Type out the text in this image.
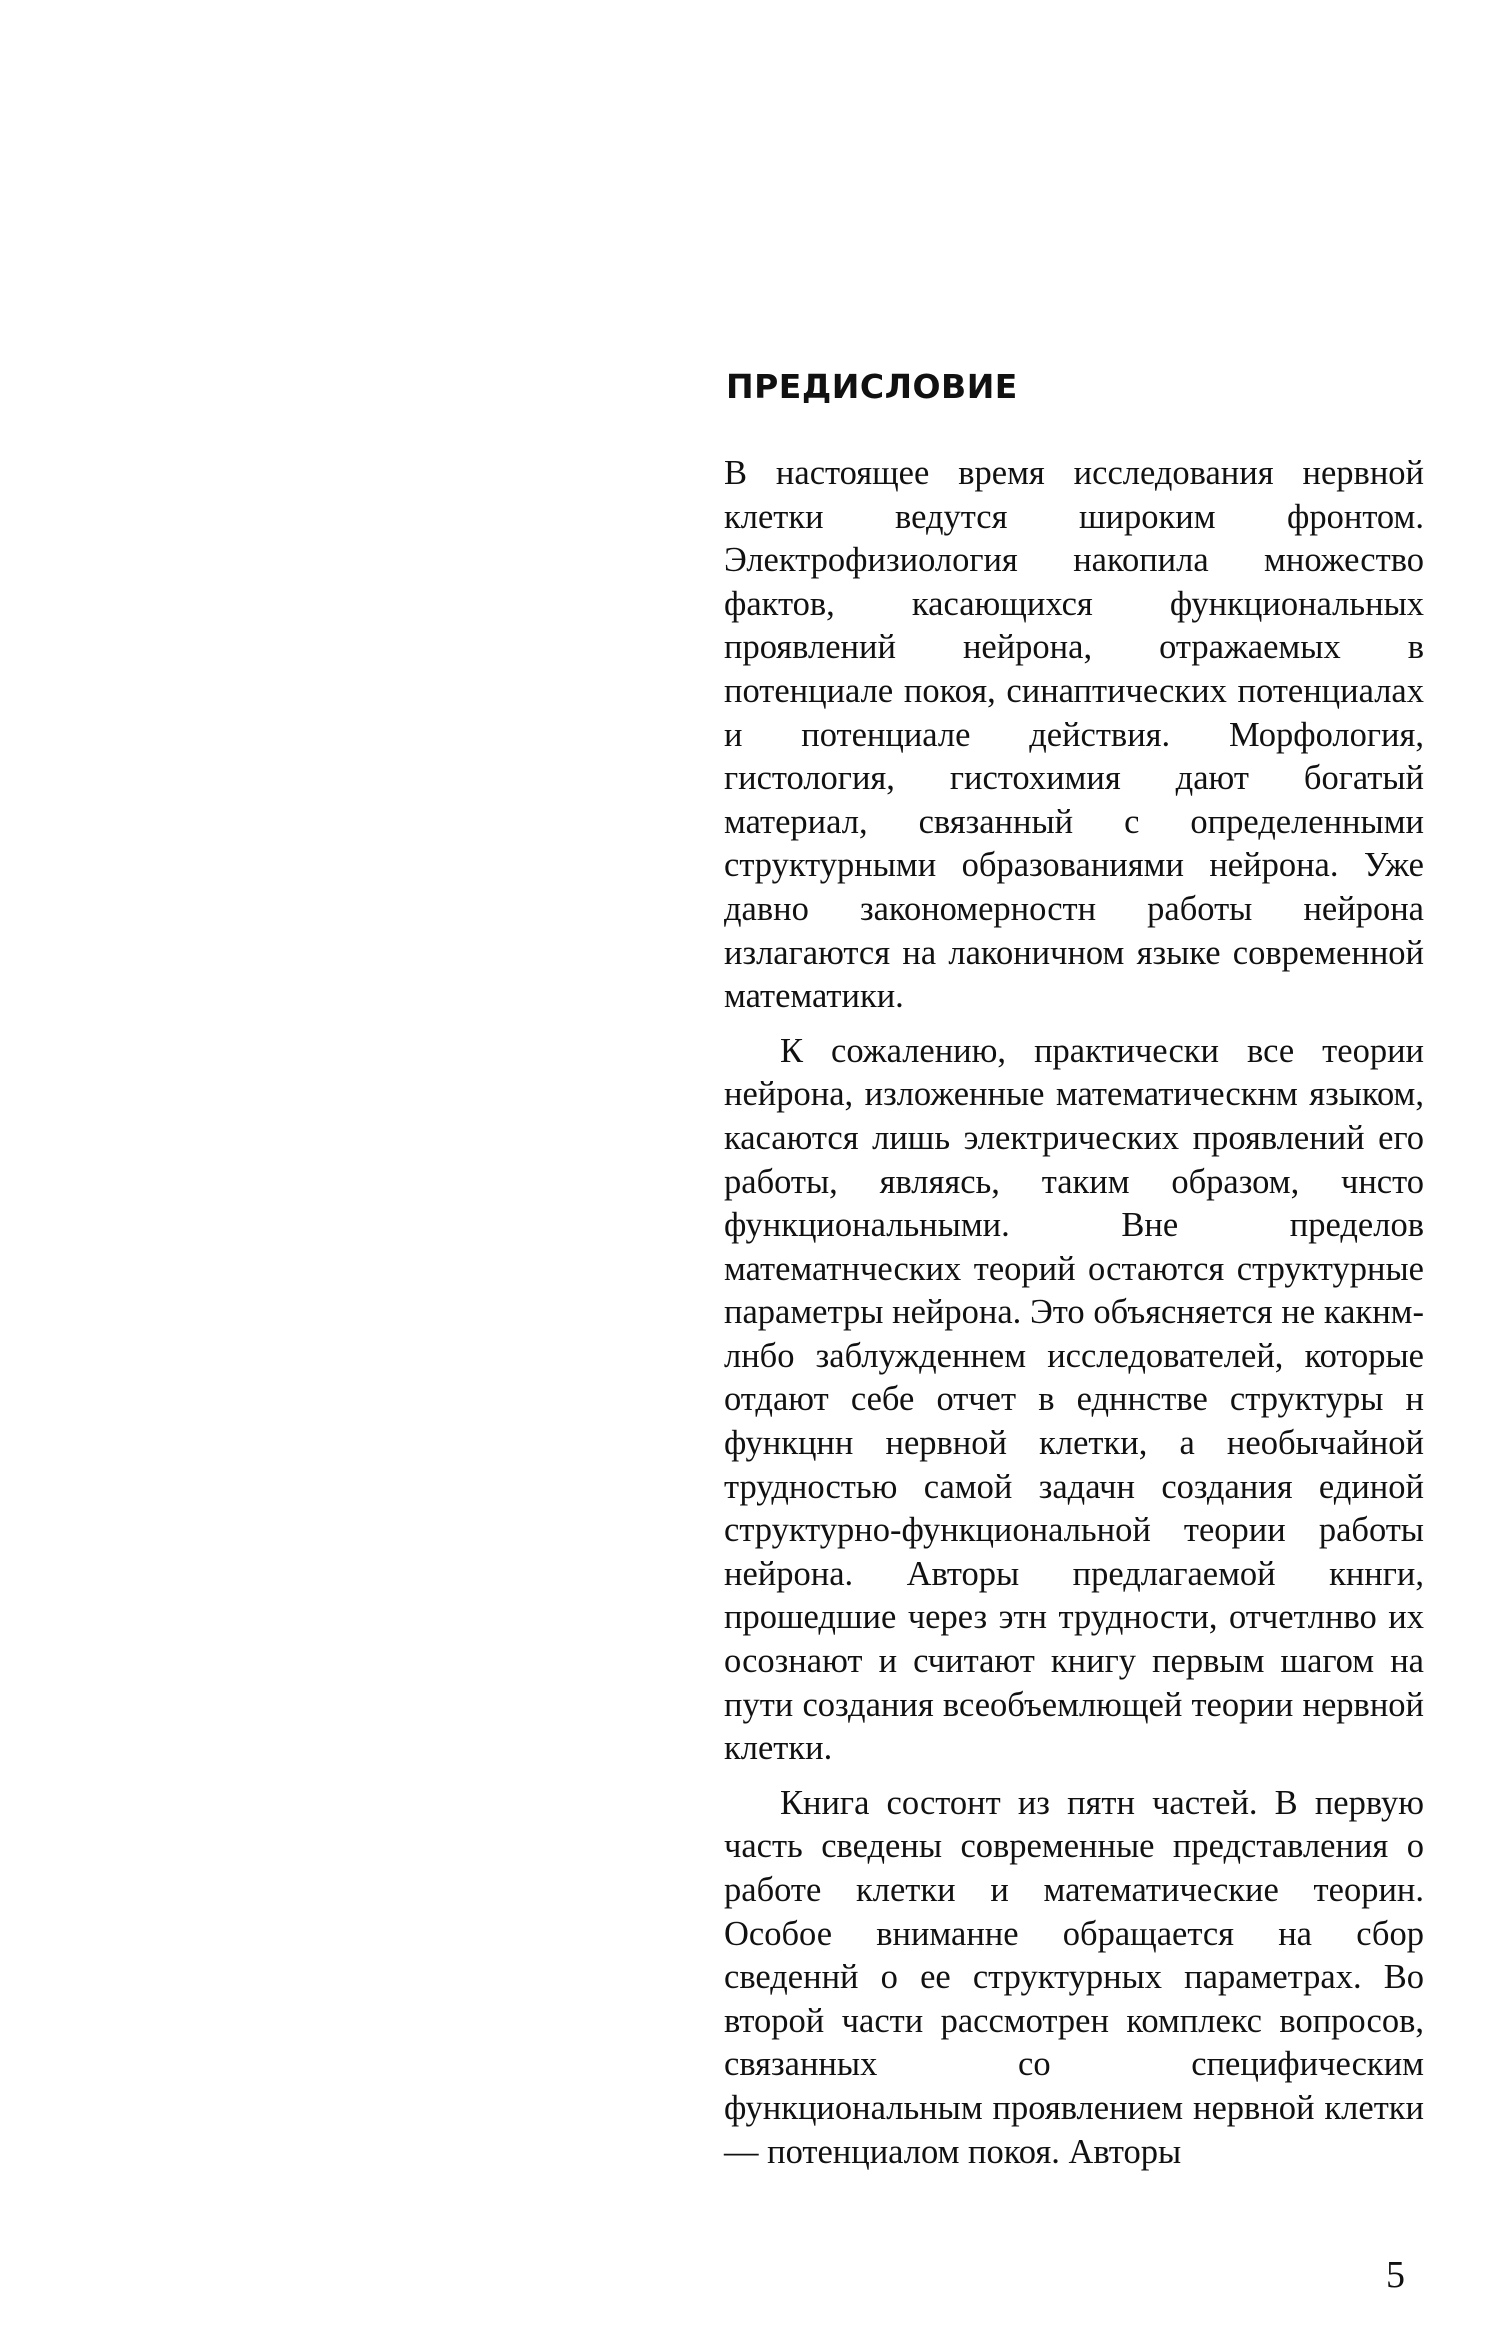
ПРЕДИСЛОВИЕ

В настоящее время исследования нервной клетки ведутся широким фронтом. Электрофизиология накопила множество фактов, касающихся функциональных проявлений нейрона, отражаемых в потенциале покоя, синаптических потенциалах и потенциале действия. Морфология, гистология, гистохимия дают богатый материал, связанный с определенными структурными образованиями нейрона. Уже давно закономерностн работы нейрона излагаются на лаконичном языке современной математики.

К сожалению, практически все теории нейрона, изложенные математическнм языком, касаются лишь электрических проявлений его работы, являясь, таким образом, чнсто функциональными. Вне пределов математнческих теорий остаются структурные параметры нейрона. Это объясняется не какнм-лнбо заблужденнем исследователей, которые отдают себе отчет в едннстве структуры н функцнн нервной клетки, а необычайной трудностью самой задачн создания единой структурно-функциональной теории работы нейрона. Авторы предлагаемой кннги, прошедшие через этн трудности, отчетлнво их осознают и считают книгу первым шагом на пути создания всеобъемлющей теории нервной клетки.

Книга состонт из пятн частей. В первую часть сведены современные представления о работе клетки и математические теорин. Особое вниманне обращается на сбор сведеннй о ее структурных параметрах. Во второй части рассмотрен комплекс вопросов, связанных со специфическим функциональным проявлением нервной клетки — потенциалом покоя. Авторы

5
